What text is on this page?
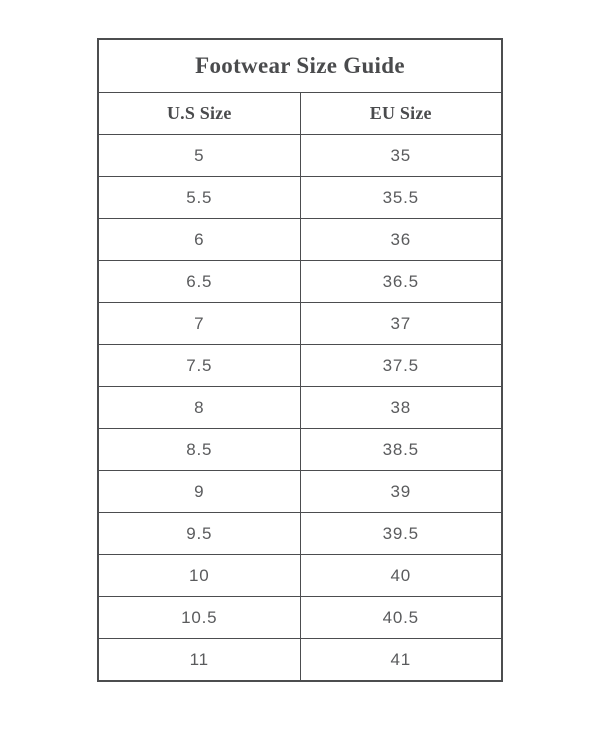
Footwear Size Guide	
U.S Size	EU Size
5	35
5.5	35.5
6	36
6.5	36.5
7	37
7.5	37.5
8	38
8.5	38.5
9	39
9.5	39.5
10	40
10.5	40.5
11	41
